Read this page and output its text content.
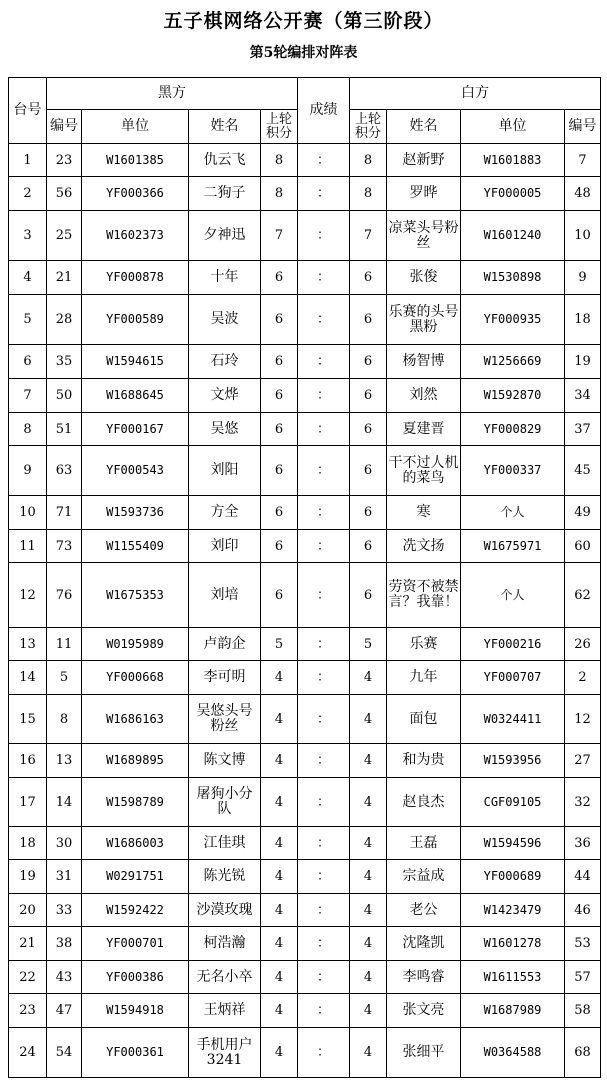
五子棋网络公开赛（第三阶段）
第5轮编排对阵表
台号	黑方				成绩	白方			
	编号	单位	姓名	上轮积分		上轮积分	姓名	单位	编号
1	23	W1601385	仇云飞	8	：	8	赵新野	W1601883	7
2	56	YF000366	二狗子	8	：	8	罗晔	YF000005	48
3	25	W1602373	夕神迅	7	：	7	凉菜头号粉丝	W1601240	10
4	21	YF000878	十年	6	：	6	张俊	W1530898	9
5	28	YF000589	吴波	6	：	6	乐赛的头号黑粉	YF000935	18
6	35	W1594615	石玲	6	：	6	杨智博	W1256669	19
7	50	W1688645	文烨	6	：	6	刘然	W1592870	34
8	51	YF000167	吴悠	6	：	6	夏建晋	YF000829	37
9	63	YF000543	刘阳	6	：	6	干不过人机的菜鸟	YF000337	45
10	71	W1593736	方全	6	：	6	寒	个人	49
11	73	W1155409	刘印	6	：	6	冼文扬	W1675971	60
12	76	W1675353	刘培	6	：	6	劳资不被禁言？我靠！	个人	62
13	11	W0195989	卢韵企	5	：	5	乐赛	YF000216	26
14	5	YF000668	李可明	4	：	4	九年	YF000707	2
15	8	W1686163	吴悠头号粉丝	4	：	4	面包	W0324411	12
16	13	W1689895	陈文博	4	：	4	和为贵	W1593956	27
17	14	W1598789	屠狗小分队	4	：	4	赵良杰	CGF09105	32
18	30	W1686003	江佳琪	4	：	4	王磊	W1594596	36
19	31	W0291751	陈光锐	4	：	4	宗益成	YF000689	44
20	33	W1592422	沙漠玫瑰	4	：	4	老公	W1423479	46
21	38	YF000701	柯浩瀚	4	：	4	沈隆凯	W1601278	53
22	43	YF000386	无名小卒	4	：	4	李鸣睿	W1611553	57
23	47	W1594918	王炳祥	4	：	4	张文亮	W1687989	58
24	54	YF000361	手机用户3241	4	：	4	张细平	W0364588	68
